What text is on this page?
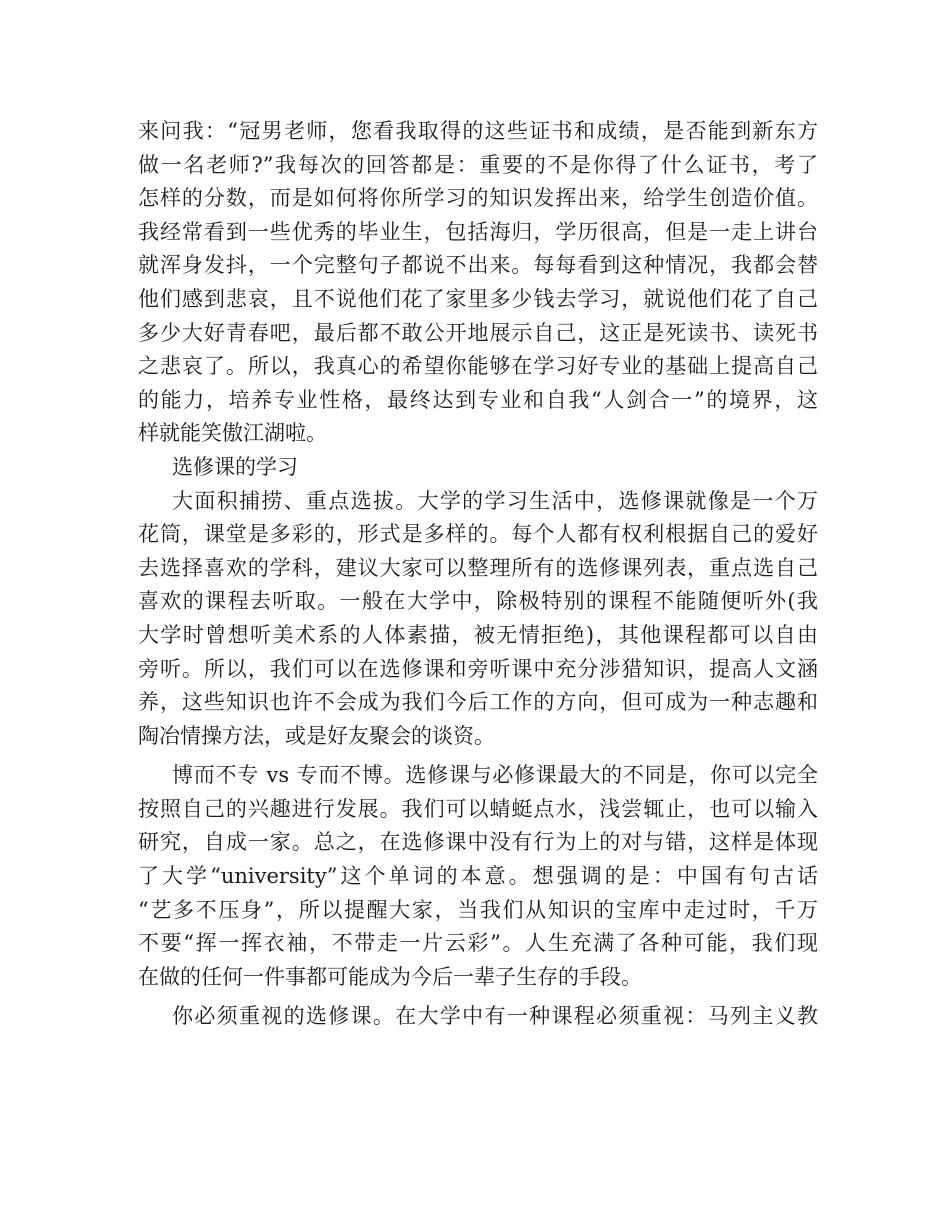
来问我：“冠男老师，您看我取得的这些证书和成绩，是否能到新东方
做一名老师?”我每次的回答都是：重要的不是你得了什么证书，考了
怎样的分数，而是如何将你所学习的知识发挥出来，给学生创造价值。
我经常看到一些优秀的毕业生，包括海归，学历很高，但是一走上讲台
就浑身发抖，一个完整句子都说不出来。每每看到这种情况，我都会替
他们感到悲哀，且不说他们花了家里多少钱去学习，就说他们花了自己
多少大好青春吧，最后都不敢公开地展示自己，这正是死读书、读死书
之悲哀了。所以，我真心的希望你能够在学习好专业的基础上提高自己
的能力，培养专业性格，最终达到专业和自我“人剑合一”的境界，这
样就能笑傲江湖啦。
选修课的学习
大面积捕捞、重点选拔。大学的学习生活中，选修课就像是一个万
花筒，课堂是多彩的，形式是多样的。每个人都有权利根据自己的爱好
去选择喜欢的学科，建议大家可以整理所有的选修课列表，重点选自己
喜欢的课程去听取。一般在大学中，除极特别的课程不能随便听外(我
大学时曾想听美术系的人体素描，被无情拒绝)，其他课程都可以自由
旁听。所以，我们可以在选修课和旁听课中充分涉猎知识，提高人文涵
养，这些知识也许不会成为我们今后工作的方向，但可成为一种志趣和
陶冶情操方法，或是好友聚会的谈资。
博而不专 vs 专而不博。选修课与必修课最大的不同是，你可以完全
按照自己的兴趣进行发展。我们可以蜻蜓点水，浅尝辄止，也可以输入
研究，自成一家。总之，在选修课中没有行为上的对与错，这样是体现
了大学“university”这个单词的本意。想强调的是：中国有句古话
“艺多不压身”，所以提醒大家，当我们从知识的宝库中走过时，千万
不要“挥一挥衣袖，不带走一片云彩”。人生充满了各种可能，我们现
在做的任何一件事都可能成为今后一辈子生存的手段。
你必须重视的选修课。在大学中有一种课程必须重视：马列主义教
